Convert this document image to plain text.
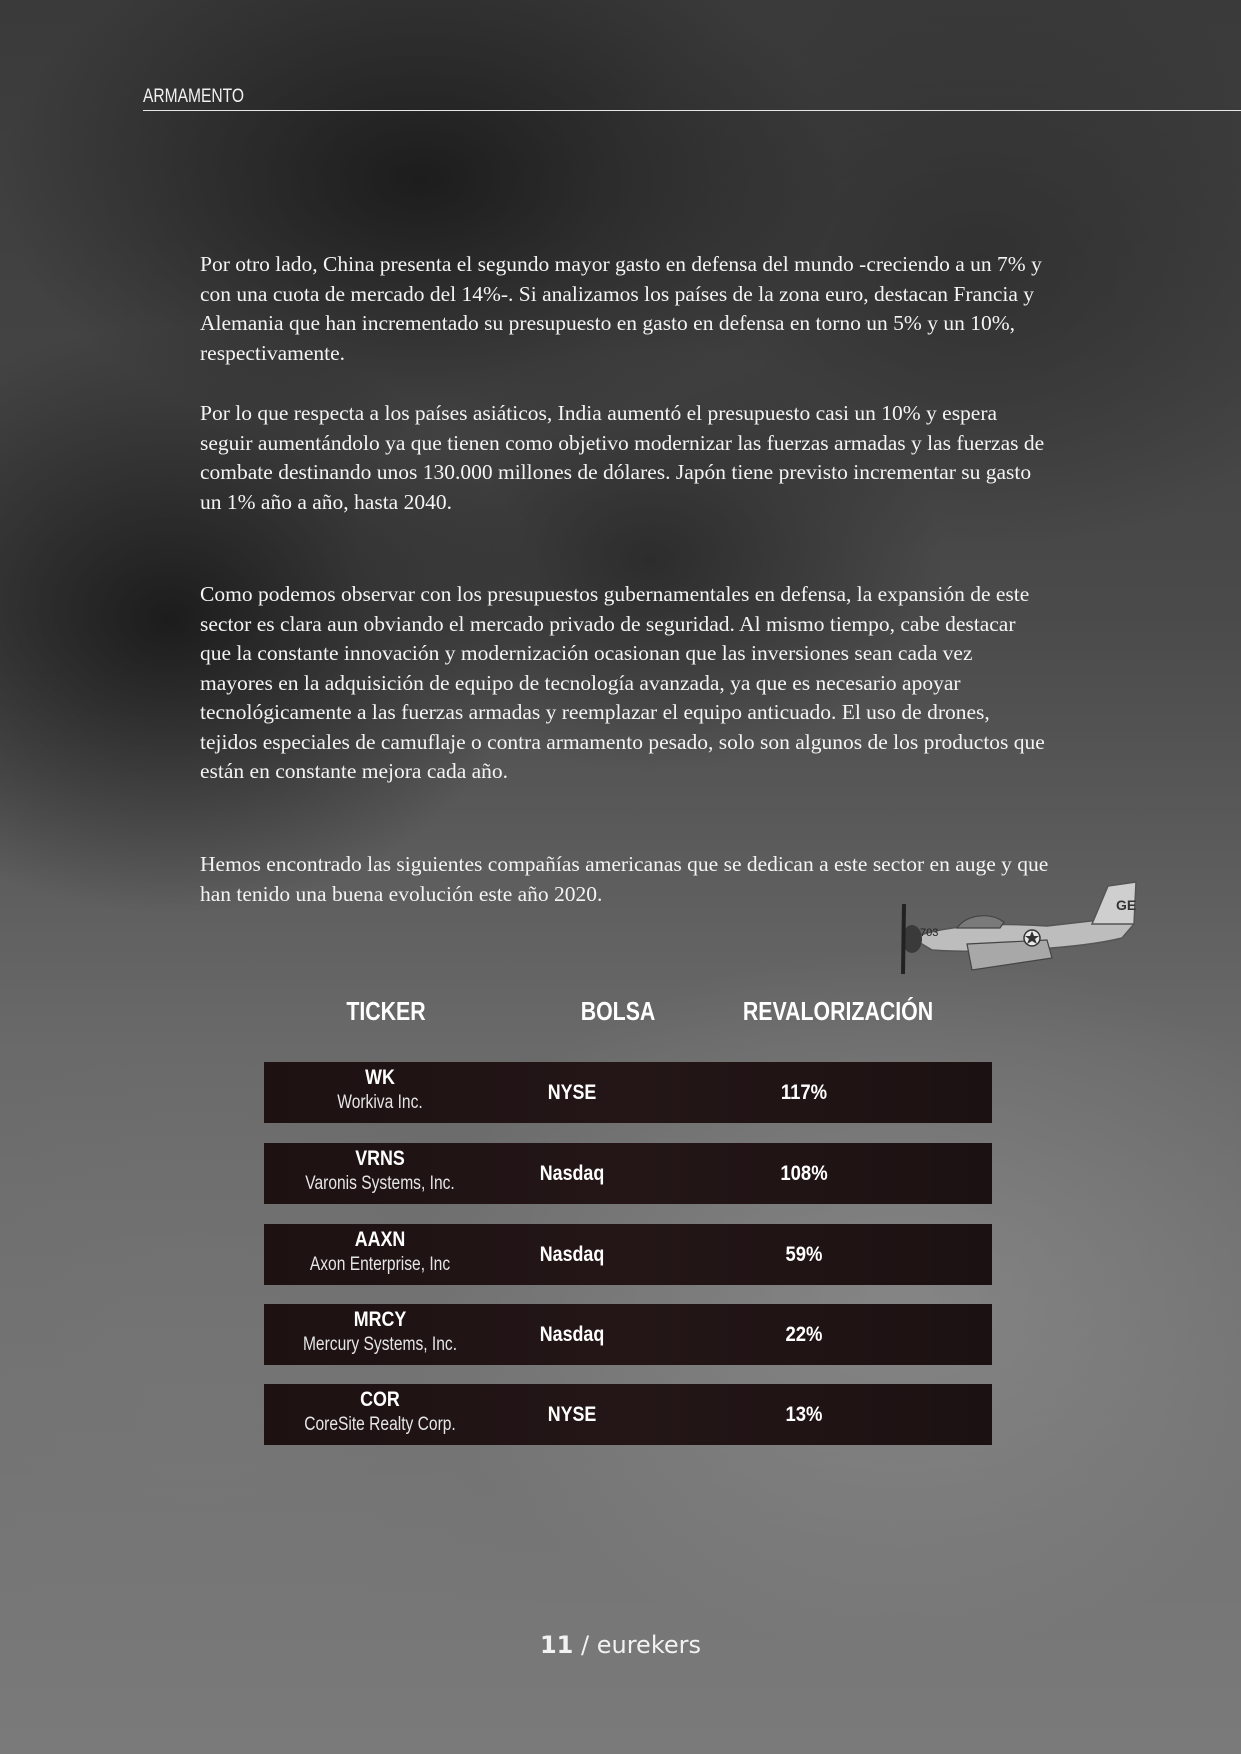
ARMAMENTO

Por otro lado, China presenta el segundo mayor gasto en defensa del mundo -creciendo a un 7% y con una cuota de mercado del 14%-. Si analizamos los países de la zona euro, destacan Francia y Alemania que han incrementado su presupuesto en gasto en defensa en torno un 5% y un 10%, respectivamente.

Por lo que respecta a los países asiáticos, India aumentó el presupuesto casi un 10% y espera seguir aumentándolo ya que tienen como objetivo modernizar las fuerzas armadas y las fuerzas de combate destinando unos 130.000 millones de dólares. Japón tiene previsto incrementar su gasto un 1% año a año, hasta 2040.

Como podemos observar con los presupuestos gubernamentales en defensa, la expansión de este sector es clara aun obviando el mercado privado de seguridad. Al mismo tiempo, cabe destacar que la constante innovación y modernización ocasionan que las inversiones sean cada vez mayores en la adquisición de equipo de tecnología avanzada, ya que es necesario apoyar tecnológicamente a las fuerzas armadas y reemplazar el equipo anticuado. El uso de drones, tejidos especiales de camuflaje o contra armamento pesado, solo son algunos de los productos que están en constante mejora cada año.

Hemos encontrado las siguientes compañías americanas que se dedican a este sector en auge y que han tenido una buena evolución este año 2020.	GE
703
TICKER	BOLSA	REVALORIZACIÓN
WK
Workiva Inc.	NYSE	117%
VRNS
Varonis Systems, Inc.	Nasdaq	108%
AAXN
Axon Enterprise, Inc	Nasdaq	59%
MRCY
Mercury Systems, Inc.	Nasdaq	22%
COR
CoreSite Realty Corp.	NYSE	13%
11 / eurekers
